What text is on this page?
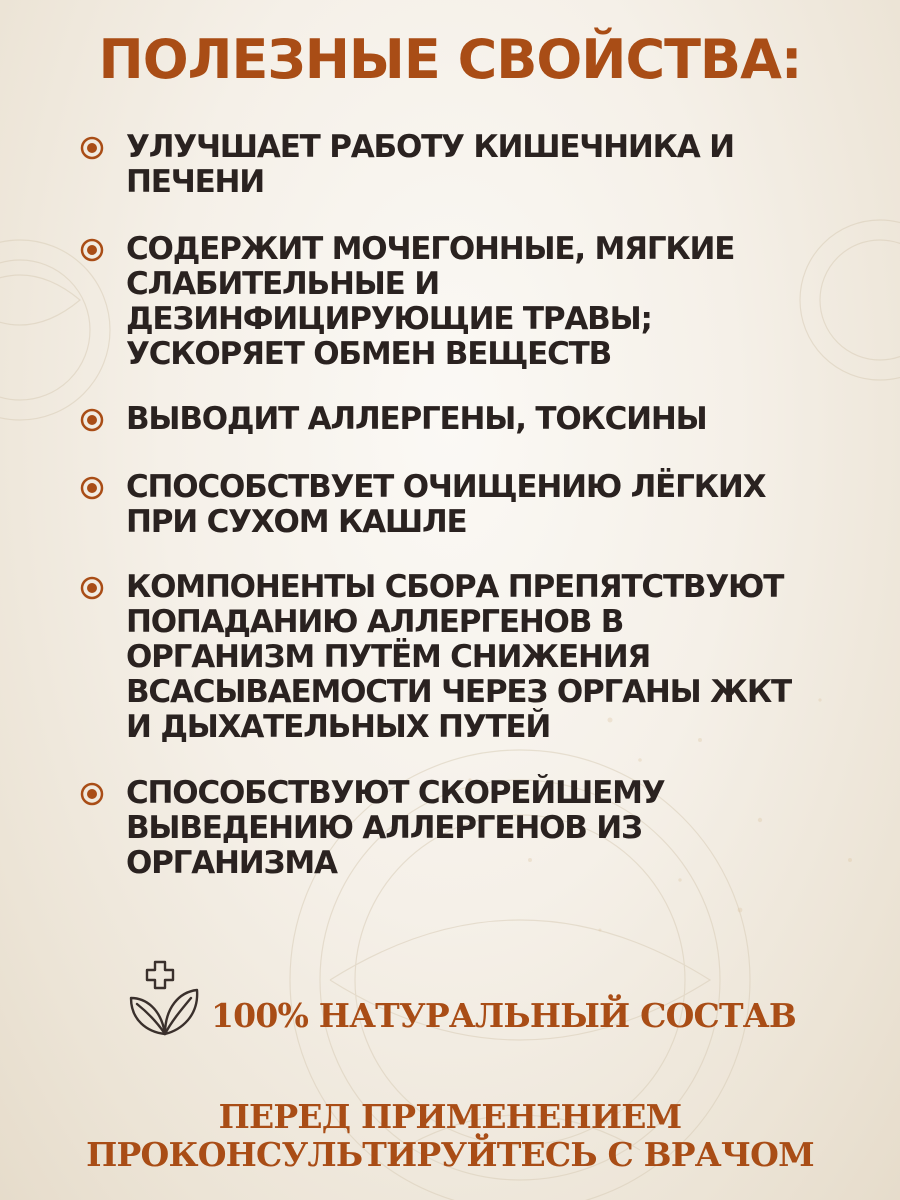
ПОЛЕЗНЫЕ СВОЙСТВА:
УЛУЧШАЕТ РАБОТУ КИШЕЧНИКА И
ПЕЧЕНИ
СОДЕРЖИТ МОЧЕГОННЫЕ, МЯГКИЕ
СЛАБИТЕЛЬНЫЕ И
ДЕЗИНФИЦИРУЮЩИЕ ТРАВЫ;
УСКОРЯЕТ ОБМЕН ВЕЩЕСТВ
ВЫВОДИТ АЛЛЕРГЕНЫ, ТОКСИНЫ
СПОСОБСТВУЕТ ОЧИЩЕНИЮ ЛЁГКИХ
ПРИ СУХОМ КАШЛЕ
КОМПОНЕНТЫ СБОРА ПРЕПЯТСТВУЮТ
ПОПАДАНИЮ АЛЛЕРГЕНОВ В
ОРГАНИЗМ ПУТЁМ СНИЖЕНИЯ
ВСАСЫВАЕМОСТИ ЧЕРЕЗ ОРГАНЫ ЖКТ
И ДЫХАТЕЛЬНЫХ ПУТЕЙ
СПОСОБСТВУЮТ СКОРЕЙШЕМУ
ВЫВЕДЕНИЮ АЛЛЕРГЕНОВ ИЗ
ОРГАНИЗМА
100% НАТУРАЛЬНЫЙ СОСТАВ
ПЕРЕД ПРИМЕНЕНИЕМ
ПРОКОНСУЛЬТИРУЙТЕСЬ С ВРАЧОМ
